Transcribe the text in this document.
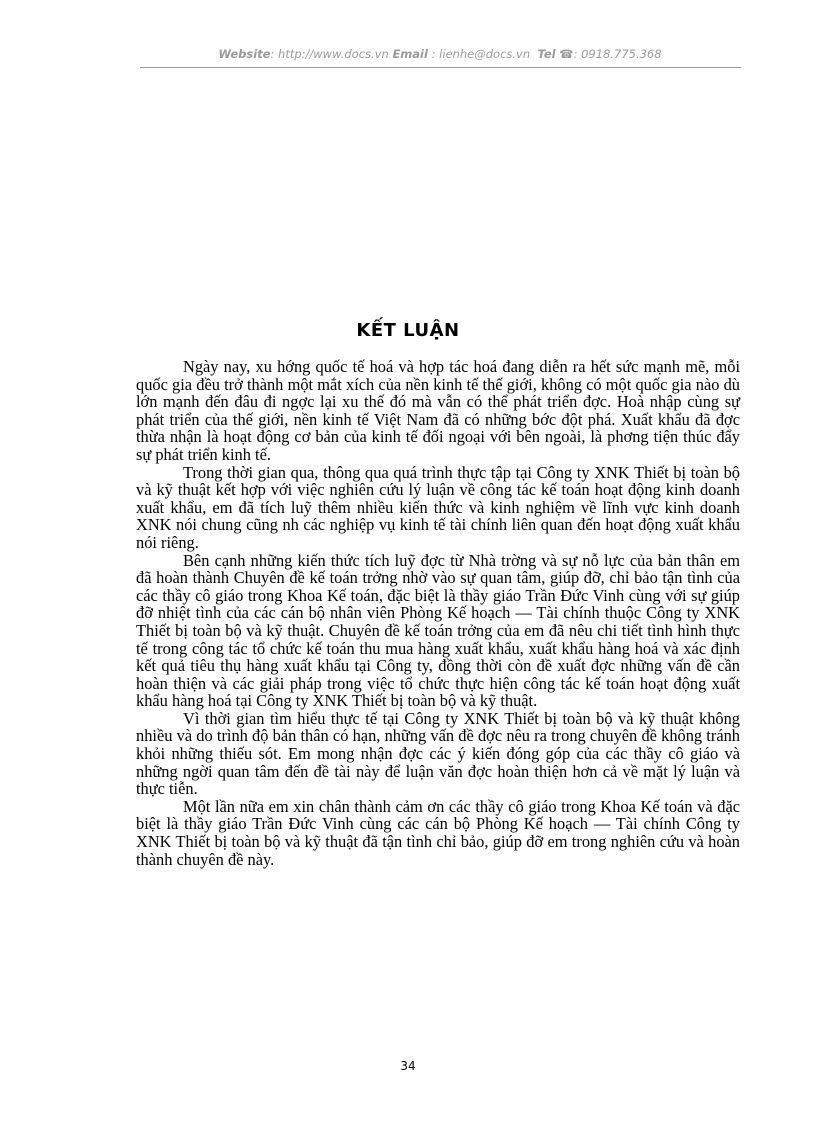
Website: http://www.docs.vn Email : lienhe@docs.vn Tel ☎: 0918.775.368
KẾT LUẬN

Ngày nay, xu hớng quốc tế hoá và hợp tác hoá đang diễn ra hết sức mạnh mẽ, mỗi quốc gia đều trở thành một mắt xích của nền kinh tế thế giới, không có một quốc gia nào dù lớn mạnh đến đâu đi ngợc lại xu thế đó mà vẫn có thể phát triển đợc. Hoà nhập cùng sự phát triển của thế giới, nền kinh tế Việt Nam đã có những bớc đột phá. Xuất khẩu đã đợc thừa nhận là hoạt động cơ bản của kinh tế đối ngoại với bên ngoài, là phơng tiện thúc đẩy sự phát triển kinh tế.

Trong thời gian qua, thông qua quá trình thực tập tại Công ty XNK Thiết bị toàn bộ và kỹ thuật kết hợp với việc nghiên cứu lý luận về công tác kế toán hoạt động kinh doanh xuất khẩu, em đã tích luỹ thêm nhiều kiến thức và kinh nghiệm về lĩnh vực kinh doanh XNK nói chung cũng nh các nghiệp vụ kinh tế tài chính liên quan đến hoạt động xuất khẩu nói riêng.

Bên cạnh những kiến thức tích luỹ đợc từ Nhà trờng và sự nỗ lực của bản thân em đã hoàn thành Chuyên đề kế toán trởng nhờ vào sự quan tâm, giúp đỡ, chỉ bảo tận tình của các thầy cô giáo trong Khoa Kế toán, đặc biệt là thầy giáo Trần Đức Vinh cùng với sự giúp đỡ nhiệt tình của các cán bộ nhân viên Phòng Kế hoạch — Tài chính thuộc Công ty XNK Thiết bị toàn bộ và kỹ thuật. Chuyên đề kế toán trởng của em đã nêu chi tiết tình hình thực tế trong công tác tổ chức kế toán thu mua hàng xuất khẩu, xuất khẩu hàng hoá và xác định kết quả tiêu thụ hàng xuất khẩu tại Công ty, đồng thời còn đề xuất đợc những vấn đề cần hoàn thiện và các giải pháp trong việc tổ chức thực hiện công tác kế toán hoạt động xuất khẩu hàng hoá tại Công ty XNK Thiết bị toàn bộ và kỹ thuật.

Vì thời gian tìm hiểu thực tế tại Công ty XNK Thiết bị toàn bộ và kỹ thuật không nhiều và do trình độ bản thân có hạn, những vấn đề đợc nêu ra trong chuyên đề không tránh khỏi những thiếu sót. Em mong nhận đợc các ý kiến đóng góp của các thầy cô giáo và những ngời quan tâm đến đề tài này để luận văn đợc hoàn thiện hơn cả về mặt lý luận và thực tiễn.

Một lần nữa em xin chân thành cảm ơn các thầy cô giáo trong Khoa Kế toán và đặc biệt là thầy giáo Trần Đức Vinh cùng các cán bộ Phòng Kế hoạch — Tài chính Công ty XNK Thiết bị toàn bộ và kỹ thuật đã tận tình chỉ bảo, giúp đỡ em trong nghiên cứu và hoàn thành chuyên đề này.

34
